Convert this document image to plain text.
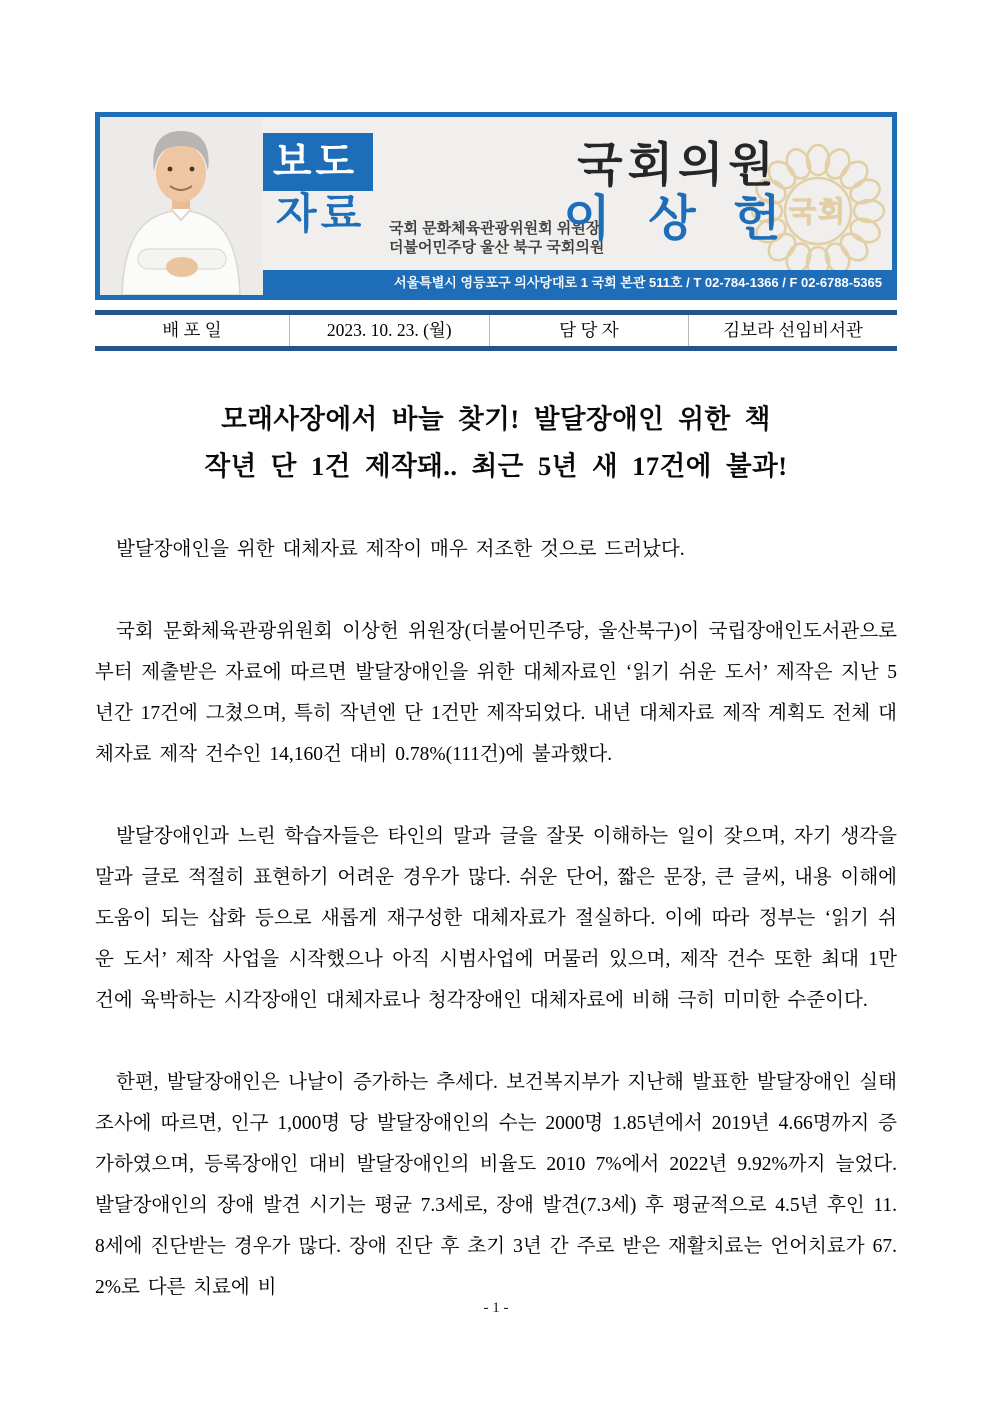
보도
자료 국회 문화체육관광위원회 위원장
더불어민주당 울산 북구 국회의원
국회
국회의원
이 상 헌
서울특별시 영등포구 의사당대로 1 국회 본관 511호 / T 02-784-1366 / F 02-6788-5365
배 포 일	2023. 10. 23. (월)	담 당 자	김보라 선임비서관
모래사장에서 바늘 찾기! 발달장애인 위한 책
작년 단 1건 제작돼.. 최근 5년 새 17건에 불과!

발달장애인을 위한 대체자료 제작이 매우 저조한 것으로 드러났다.

국회 문화체육관광위원회 이상헌 위원장(더불어민주당, 울산북구)이 국립장애인도서관으로부터 제출받은 자료에 따르면 발달장애인을 위한 대체자료인 ‘읽기 쉬운 도서’ 제작은 지난 5년간 17건에 그쳤으며, 특히 작년엔 단 1건만 제작되었다. 내년 대체자료 제작 계획도 전체 대체자료 제작 건수인 14,160건 대비 0.78%(111건)에 불과했다.

발달장애인과 느린 학습자들은 타인의 말과 글을 잘못 이해하는 일이 잦으며, 자기 생각을 말과 글로 적절히 표현하기 어려운 경우가 많다. 쉬운 단어, 짧은 문장, 큰 글씨, 내용 이해에 도움이 되는 삽화 등으로 새롭게 재구성한 대체자료가 절실하다. 이에 따라 정부는 ‘읽기 쉬운 도서’ 제작 사업을 시작했으나 아직 시범사업에 머물러 있으며, 제작 건수 또한 최대 1만 건에 육박하는 시각장애인 대체자료나 청각장애인 대체자료에 비해 극히 미미한 수준이다.

한편, 발달장애인은 나날이 증가하는 추세다. 보건복지부가 지난해 발표한 발달장애인 실태조사에 따르면, 인구 1,000명 당 발달장애인의 수는 2000명 1.85년에서 2019년 4.66명까지 증가하였으며, 등록장애인 대비 발달장애인의 비율도 2010 7%에서 2022년 9.92%까지 늘었다. 발달장애인의 장애 발견 시기는 평균 7.3세로, 장애 발견(7.3세) 후 평균적으로 4.5년 후인 11.8세에 진단받는 경우가 많다. 장애 진단 후 초기 3년 간 주로 받은 재활치료는 언어치료가 67.2%로 다른 치료에 비

- 1 -
